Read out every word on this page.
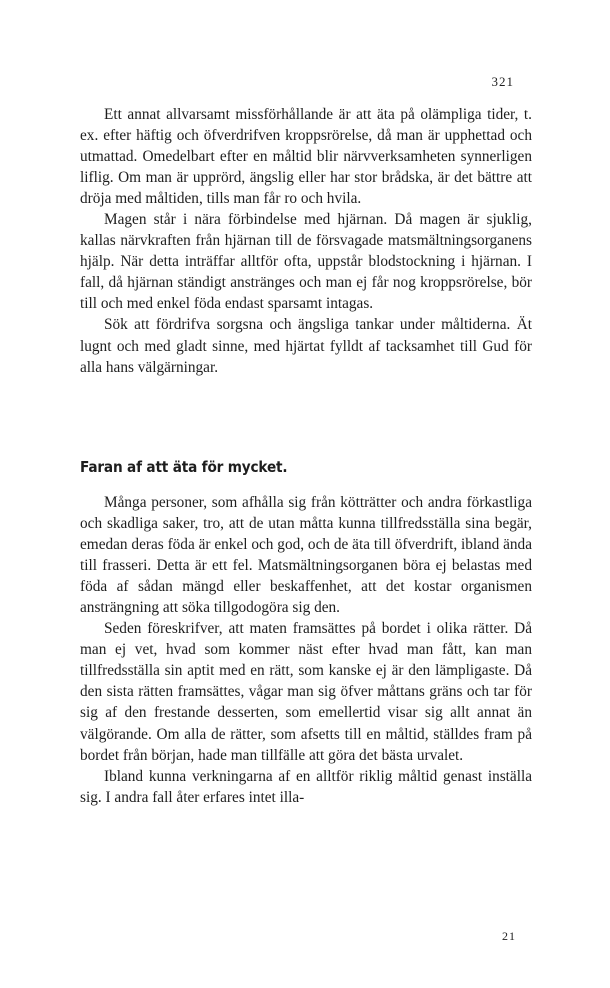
321

Ett annat allvarsamt missförhållande är att äta på olämpliga tider, t. ex. efter häftig och öfverdrifven kroppsrörelse, då man är upphettad och utmattad. Omedelbart efter en måltid blir närvverksamheten synnerligen liflig. Om man är upprörd, ängslig eller har stor brådska, är det bättre att dröja med måltiden, tills man får ro och hvila.

Magen står i nära förbindelse med hjärnan. Då magen är sjuklig, kallas närvkraften från hjärnan till de försvagade matsmältningsorganens hjälp. När detta inträffar alltför ofta, uppstår blodstockning i hjärnan. I fall, då hjärnan ständigt anstränges och man ej får nog kroppsrörelse, bör till och med enkel föda endast sparsamt intagas.

Sök att fördrifva sorgsna och ängsliga tankar under måltiderna. Ät lugnt och med gladt sinne, med hjärtat fylldt af tacksamhet till Gud för alla hans välgärningar.

Faran af att äta för mycket.

Många personer, som afhålla sig från kötträtter och andra förkastliga och skadliga saker, tro, att de utan måtta kunna tillfredsställa sina begär, emedan deras föda är enkel och god, och de äta till öfverdrift, ibland ända till frasseri. Detta är ett fel. Matsmältningsorganen böra ej belastas med föda af sådan mängd eller beskaffenhet, att det kostar organismen ansträngning att söka tillgodogöra sig den.

Seden föreskrifver, att maten framsättes på bordet i olika rätter. Då man ej vet, hvad som kommer näst efter hvad man fått, kan man tillfredsställa sin aptit med en rätt, som kanske ej är den lämpligaste. Då den sista rätten framsättes, vågar man sig öfver måttans gräns och tar för sig af den frestande desserten, som emellertid visar sig allt annat än välgörande. Om alla de rätter, som afsetts till en måltid, ställdes fram på bordet från början, hade man tillfälle att göra det bästa urvalet.

Ibland kunna verkningarna af en alltför riklig måltid genast inställa sig. I andra fall åter erfares intet illa-

21
